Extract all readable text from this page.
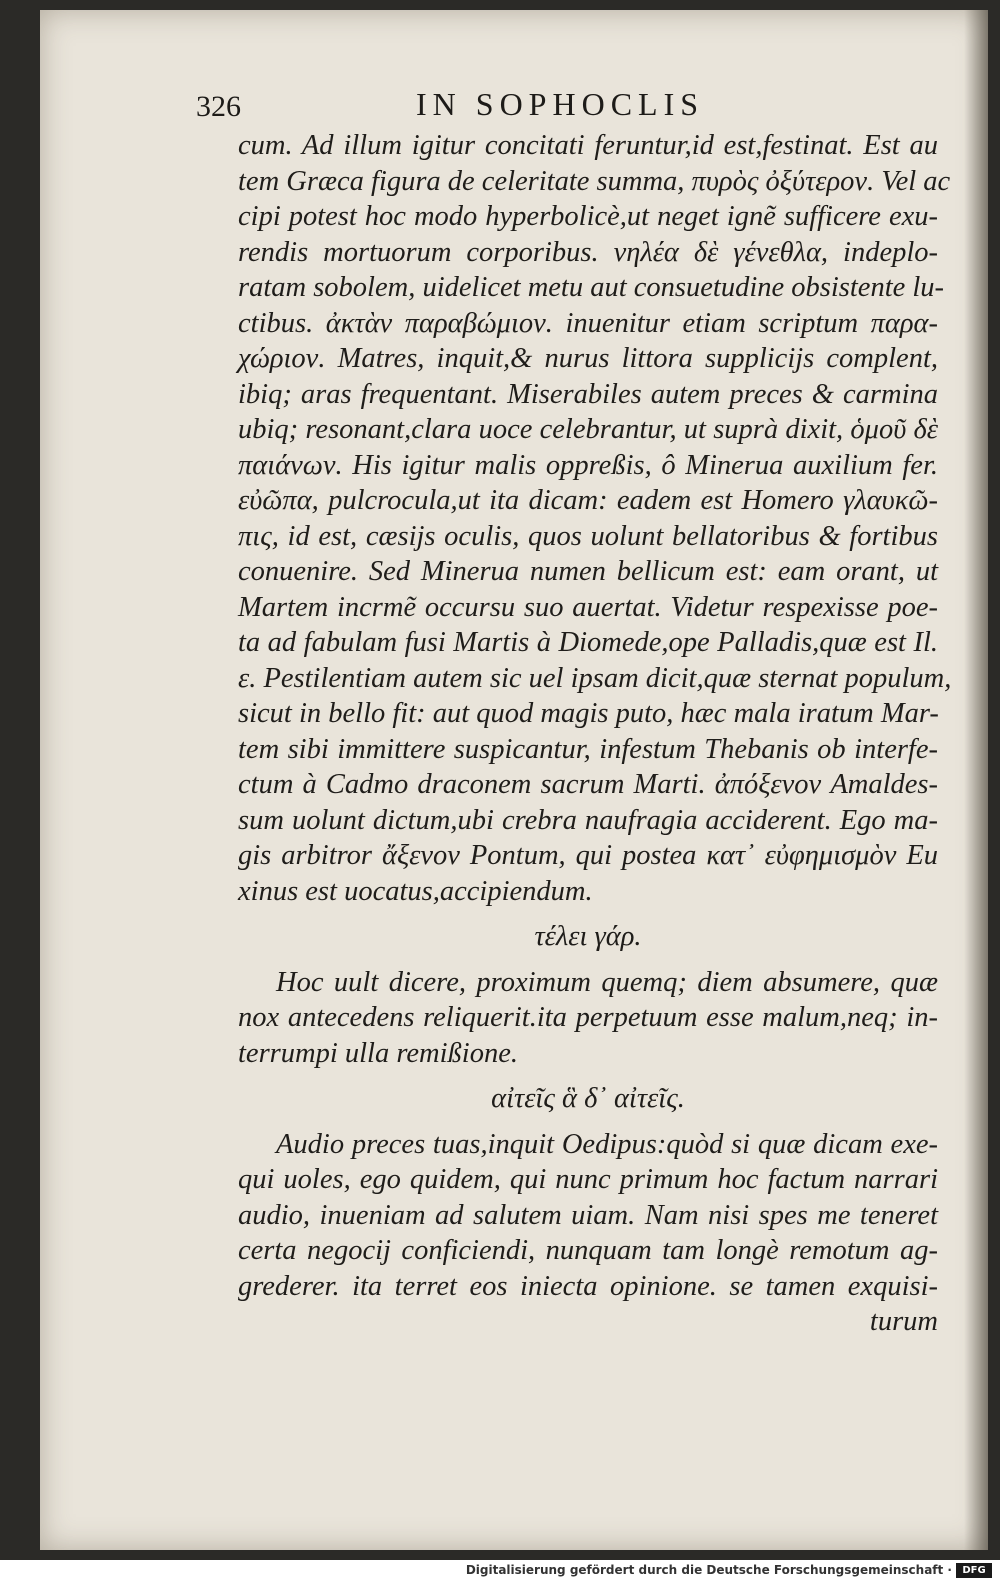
326	IN SOPHOCLIS
cum. Ad illum igitur concitati feruntur,id est,festinat. Est au
tem Græca figura de celeritate summa, πυρὸς ὀξύτερον. Vel ac
cipi potest hoc modo hyperbolicè,ut neget ignẽ sufficere exu-
rendis mortuorum corporibus. νηλέα δὲ γένεθλα, indeplo-
ratam sobolem, uidelicet metu aut consuetudine obsistente lu-
ctibus. ἀκτὰν παραβώμιον. inuenitur etiam scriptum παρα-
χώριον. Matres, inquit,& nurus littora supplicijs complent,
ibiq; aras frequentant. Miserabiles autem preces & carmina
ubiq; resonant,clara uoce celebrantur, ut suprà dixit, ὁμοῦ δὲ
παιάνων. His igitur malis oppreßis, ô Minerua auxilium fer.
εὐῶπα, pulcrocula,ut ita dicam: eadem est Homero γλαυκῶ-
πις, id est, cæsijs oculis, quos uolunt bellatoribus & fortibus
conuenire. Sed Minerua numen bellicum est: eam orant, ut
Martem incrmẽ occursu suo auertat. Videtur respexisse poe-
ta ad fabulam fusi Martis à Diomede,ope Palladis,quæ est Il.
ε. Pestilentiam autem sic uel ipsam dicit,quæ sternat populum,
sicut in bello fit: aut quod magis puto, hæc mala iratum Mar-
tem sibi immittere suspicantur, infestum Thebanis ob interfe-
ctum à Cadmo draconem sacrum Marti. ἀπόξενον Amaldes-
sum uolunt dictum,ubi crebra naufragia acciderent. Ego ma-
gis arbitror ἄξενον Pontum, qui postea κατ᾿ εὐφημισμὸν Eu
xinus est uocatus,accipiendum.
τέλει γάρ.
Hoc uult dicere, proximum quemq; diem absumere, quæ
nox antecedens reliquerit.ita perpetuum esse malum,neq; in-
terrumpi ulla remißione.
αἰτεῖς ἃ δ᾿ αἰτεῖς.
Audio preces tuas,inquit Oedipus:quòd si quæ dicam exe-
qui uoles, ego quidem, qui nunc primum hoc factum narrari
audio, inueniam ad salutem uiam. Nam nisi spes me teneret
certa negocij conficiendi, nunquam tam longè remotum ag-
grederer. ita terret eos iniecta opinione. se tamen exquisi-
turum
Digitalisierung gefördert durch die Deutsche Forschungsgemeinschaft ·	DFG
